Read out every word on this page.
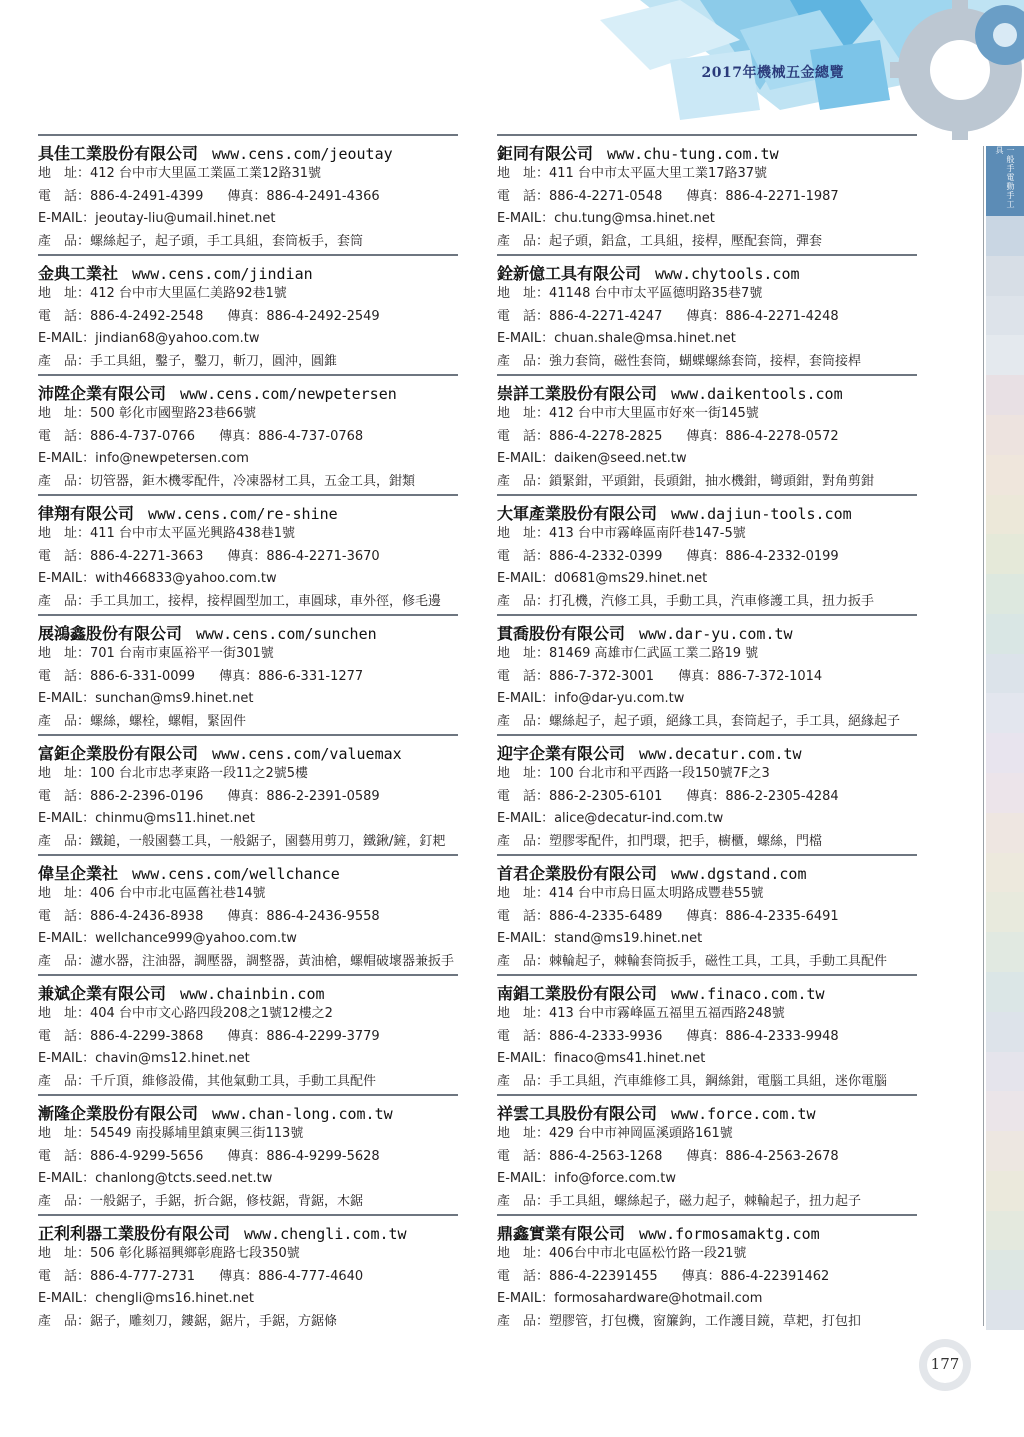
2017年機械五金總覽
一般手電動手工具
具佳工業股份有限公司 www.cens.com/jeoutay
地　址：412 台中市大里區工業區工業12路31號
電　話：886-4-2491-4399 傳真：886-4-2491-4366
E-MAIL：jeoutay-liu@umail.hinet.net
產　品：螺絲起子，起子頭，手工具組，套筒板手，套筒
金典工業社 www.cens.com/jindian
地　址：412 台中市大里區仁美路92巷1號
電　話：886-4-2492-2548 傳真：886-4-2492-2549
E-MAIL：jindian68@yahoo.com.tw
產　品：手工具組，鑿子，鑿刀，斬刀，圓沖，圓錐
沛陞企業有限公司 www.cens.com/newpetersen
地　址：500 彰化市國聖路23巷66號
電　話：886-4-737-0766 傳真：886-4-737-0768
E-MAIL：info@newpetersen.com
產　品：切管器，鉅木機零配件，冷凍器材工具，五金工具，鉗類
律翔有限公司 www.cens.com/re-shine
地　址：411 台中市太平區光興路438巷1號
電　話：886-4-2271-3663 傳真：886-4-2271-3670
E-MAIL：with466833@yahoo.com.tw
產　品：手工具加工，接桿，接桿圓型加工，車圓球，車外徑，修毛邊
展鴻鑫股份有限公司 www.cens.com/sunchen
地　址：701 台南市東區裕平一街301號
電　話：886-6-331-0099 傳真：886-6-331-1277
E-MAIL：sunchan@ms9.hinet.net
產　品：螺絲，螺栓，螺帽，緊固件
富鉅企業股份有限公司 www.cens.com/valuemax
地　址：100 台北市忠孝東路一段11之2號5樓
電　話：886-2-2396-0196 傳真：886-2-2391-0589
E-MAIL：chinmu@ms11.hinet.net
產　品：鐵鎚，一般園藝工具，一般鋸子，園藝用剪刀，鐵鍬/鏟，釘耙
偉呈企業社 www.cens.com/wellchance
地　址：406 台中市北屯區舊社巷14號
電　話：886-4-2436-8938 傳真：886-4-2436-9558
E-MAIL：wellchance999@yahoo.com.tw
產　品：濾水器，注油器，調壓器，調整器，黃油槍，螺帽破壞器兼扳手
兼斌企業有限公司 www.chainbin.com
地　址：404 台中市文心路四段208之1號12樓之2
電　話：886-4-2299-3868 傳真：886-4-2299-3779
E-MAIL：chavin@ms12.hinet.net
產　品：千斤頂，維修設備，其他氣動工具，手動工具配件
漸隆企業股份有限公司 www.chan-long.com.tw
地　址：54549 南投縣埔里鎮東興三街113號
電　話：886-4-9299-5656 傳真：886-4-9299-5628
E-MAIL：chanlong@tcts.seed.net.tw
產　品：一般鋸子，手鋸，折合鋸，修枝鋸，背鋸，木鋸
正利利器工業股份有限公司 www.chengli.com.tw
地　址：506 彰化縣福興鄉彰鹿路七段350號
電　話：886-4-777-2731 傳真：886-4-777-4640
E-MAIL：chengli@ms16.hinet.net
產　品：鋸子，雕刻刀，鏤鋸，鋸片，手鋸，方鋸條
鉅同有限公司 www.chu-tung.com.tw
地　址：411 台中市太平區大里工業17路37號
電　話：886-4-2271-0548 傳真：886-4-2271-1987
E-MAIL：chu.tung@msa.hinet.net
產　品：起子頭，鋁盒，工具組，接桿，壓配套筒，彈套
銓新億工具有限公司 www.chytools.com
地　址：41148 台中市太平區德明路35巷7號
電　話：886-4-2271-4247 傳真：886-4-2271-4248
E-MAIL：chuan.shale@msa.hinet.net
產　品：強力套筒，磁性套筒，蝴蝶螺絲套筒，接桿，套筒接桿
崇詳工業股份有限公司 www.daikentools.com
地　址：412 台中市大里區市好來一街145號
電　話：886-4-2278-2825 傳真：886-4-2278-0572
E-MAIL：daiken@seed.net.tw
產　品：鎖緊鉗，平頭鉗，長頭鉗，抽水機鉗，彎頭鉗，對角剪鉗
大軍產業股份有限公司 www.dajiun-tools.com
地　址：413 台中市霧峰區南阡巷147-5號
電　話：886-4-2332-0399 傳真：886-4-2332-0199
E-MAIL：d0681@ms29.hinet.net
產　品：打孔機，汽修工具，手動工具，汽車修護工具，扭力扳手
貫喬股份有限公司 www.dar-yu.com.tw
地　址：81469 高雄市仁武區工業二路19 號
電　話：886-7-372-3001 傳真：886-7-372-1014
E-MAIL：info@dar-yu.com.tw
產　品：螺絲起子，起子頭，絕緣工具，套筒起子，手工具，絕緣起子
迎宇企業有限公司 www.decatur.com.tw
地　址：100 台北市和平西路一段150號7F之3
電　話：886-2-2305-6101 傳真：886-2-2305-4284
E-MAIL：alice@decatur-ind.com.tw
產　品：塑膠零配件，扣門環，把手，櫥櫃，螺絲，門檔
首君企業股份有限公司 www.dgstand.com
地　址：414 台中市烏日區太明路成豐巷55號
電　話：886-4-2335-6489 傳真：886-4-2335-6491
E-MAIL：stand@ms19.hinet.net
產　品：棘輪起子，棘輪套筒扳手，磁性工具，工具，手動工具配件
南錩工業股份有限公司 www.finaco.com.tw
地　址：413 台中市霧峰區五福里五福西路248號
電　話：886-4-2333-9936 傳真：886-4-2333-9948
E-MAIL：finaco@ms41.hinet.net
產　品：手工具組，汽車維修工具，鋼絲鉗，電腦工具組，迷你電腦
祥雲工具股份有限公司 www.force.com.tw
地　址：429 台中市神岡區溪頭路161號
電　話：886-4-2563-1268 傳真：886-4-2563-2678
E-MAIL：info@force.com.tw
產　品：手工具組，螺絲起子，磁力起子，棘輪起子，扭力起子
鼎鑫實業有限公司 www.formosamaktg.com
地　址：406台中市北屯區松竹路一段21號
電　話：886-4-22391455 傳真：886-4-22391462
E-MAIL：formosahardware@hotmail.com
產　品：塑膠管，打包機，窗簾鉤，工作護目鏡，草耙，打包扣
177
